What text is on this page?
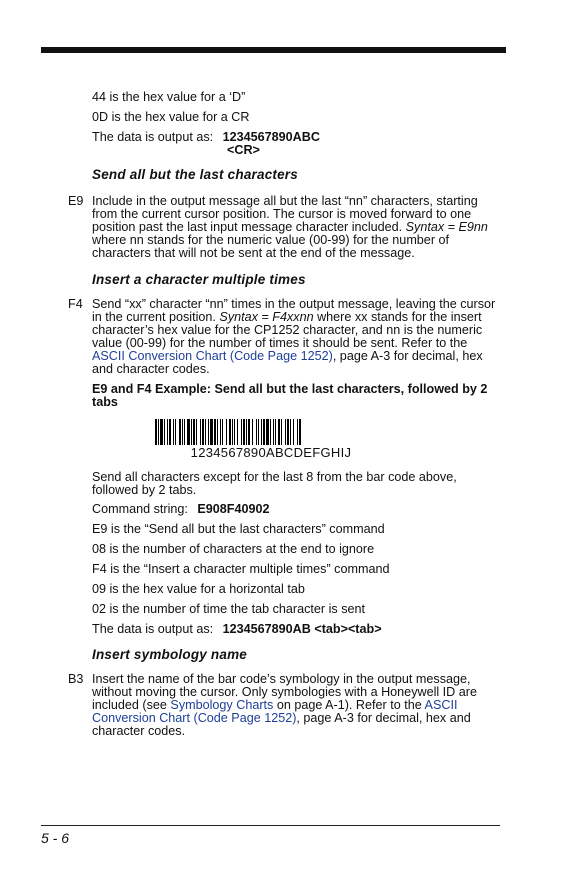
44 is the hex value for a ‘D”
0D is the hex value for a CR
The data is output as: 1234567890ABC
<CR>
Send all but the last characters
E9 Include in the output message all but the last “nn” characters, starting from the current cursor position. The cursor is moved forward to one position past the last input message character included. Syntax = E9nn where nn stands for the numeric value (00-99) for the number of characters that will not be sent at the end of the message.
Insert a character multiple times
F4 Send “xx” character “nn” times in the output message, leaving the cursor in the current position. Syntax = F4xxnn where xx stands for the insert character’s hex value for the CP1252 character, and nn is the numeric value (00-99) for the number of times it should be sent. Refer to the ASCII Conversion Chart (Code Page 1252), page A-3 for decimal, hex and character codes.
E9 and F4 Example: Send all but the last characters, followed by 2 tabs
1234567890ABCDEFGHIJ
Send all characters except for the last 8 from the bar code above, followed by 2 tabs.
Command string: E908F40902
E9 is the “Send all but the last characters” command
08 is the number of characters at the end to ignore
F4 is the “Insert a character multiple times” command
09 is the hex value for a horizontal tab
02 is the number of time the tab character is sent
The data is output as: 1234567890AB <tab><tab>
Insert symbology name
B3 Insert the name of the bar code’s symbology in the output message, without moving the cursor. Only symbologies with a Honeywell ID are included (see Symbology Charts on page A-1). Refer to the ASCII Conversion Chart (Code Page 1252), page A-3 for decimal, hex and character codes.
5 - 6
